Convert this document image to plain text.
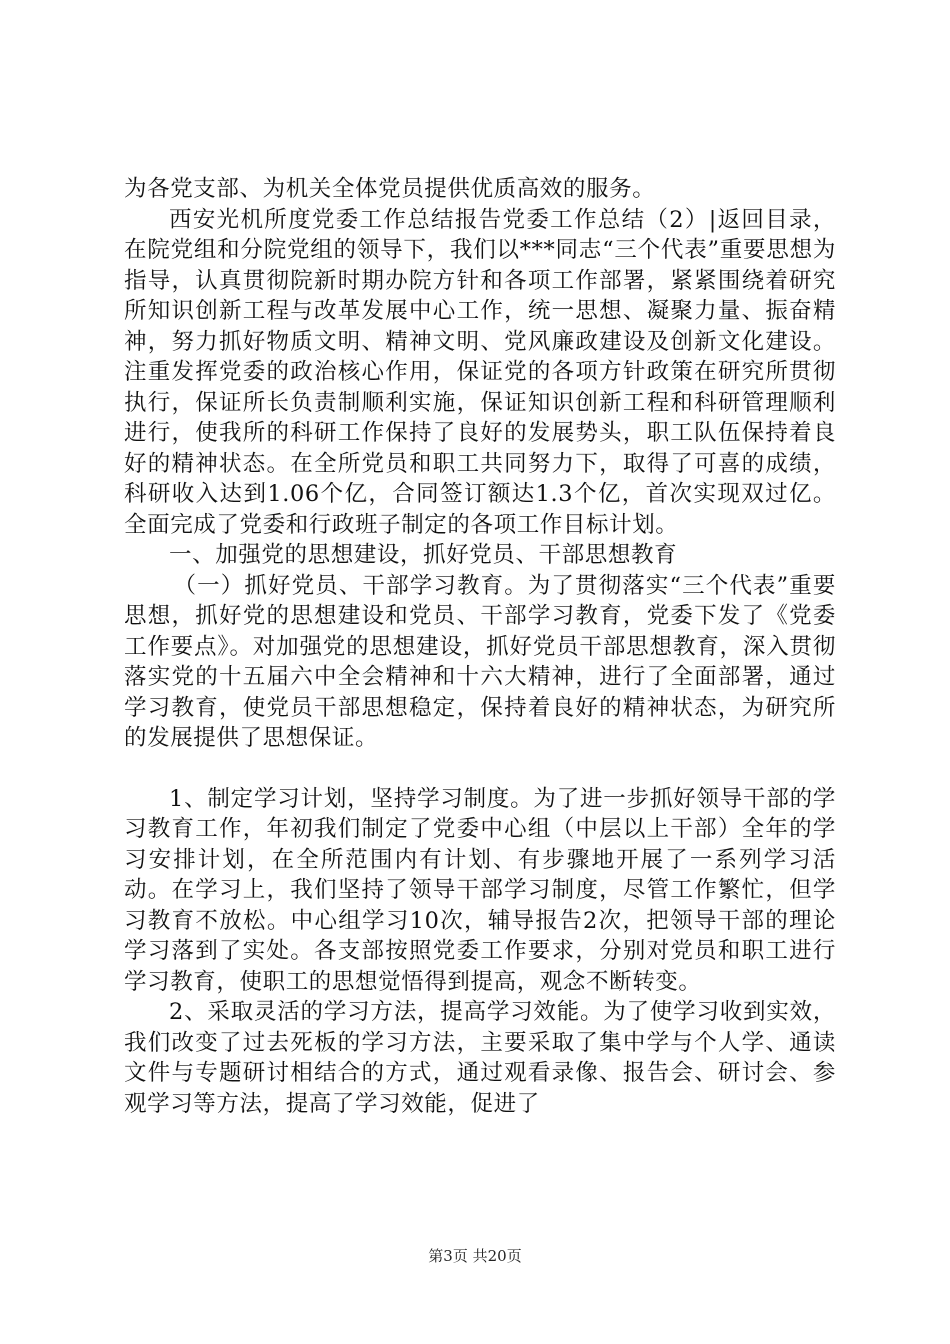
为各党支部、为机关全体党员提供优质高效的服务。

西安光机所度党委工作总结报告党委工作总结（2）|返回目录，在院党组和分院党组的领导下，我们以***同志“三个代表”重要思想为指导，认真贯彻院新时期办院方针和各项工作部署，紧紧围绕着研究所知识创新工程与改革发展中心工作，统一思想、凝聚力量、振奋精神，努力抓好物质文明、精神文明、党风廉政建设及创新文化建设。注重发挥党委的政治核心作用，保证党的各项方针政策在研究所贯彻执行，保证所长负责制顺利实施，保证知识创新工程和科研管理顺利进行，使我所的科研工作保持了良好的发展势头，职工队伍保持着良好的精神状态。在全所党员和职工共同努力下，取得了可喜的成绩，科研收入达到1.06个亿，合同签订额达1.3个亿，首次实现双过亿。全面完成了党委和行政班子制定的各项工作目标计划。

一、加强党的思想建设，抓好党员、干部思想教育

（一）抓好党员、干部学习教育。为了贯彻落实“三个代表”重要思想，抓好党的思想建设和党员、干部学习教育，党委下发了《党委工作要点》。对加强党的思想建设，抓好党员干部思想教育，深入贯彻落实党的十五届六中全会精神和十六大精神，进行了全面部署，通过学习教育，使党员干部思想稳定，保持着良好的精神状态，为研究所的发展提供了思想保证。

1、制定学习计划，坚持学习制度。为了进一步抓好领导干部的学习教育工作，年初我们制定了党委中心组（中层以上干部）全年的学习安排计划，在全所范围内有计划、有步骤地开展了一系列学习活动。在学习上，我们坚持了领导干部学习制度，尽管工作繁忙，但学习教育不放松。中心组学习10次，辅导报告2次，把领导干部的理论学习落到了实处。各支部按照党委工作要求，分别对党员和职工进行学习教育，使职工的思想觉悟得到提高，观念不断转变。

2、采取灵活的学习方法，提高学习效能。为了使学习收到实效，我们改变了过去死板的学习方法，主要采取了集中学与个人学、通读文件与专题研讨相结合的方式，通过观看录像、报告会、研讨会、参观学习等方法，提高了学习效能，促进了

第3页 共20页
